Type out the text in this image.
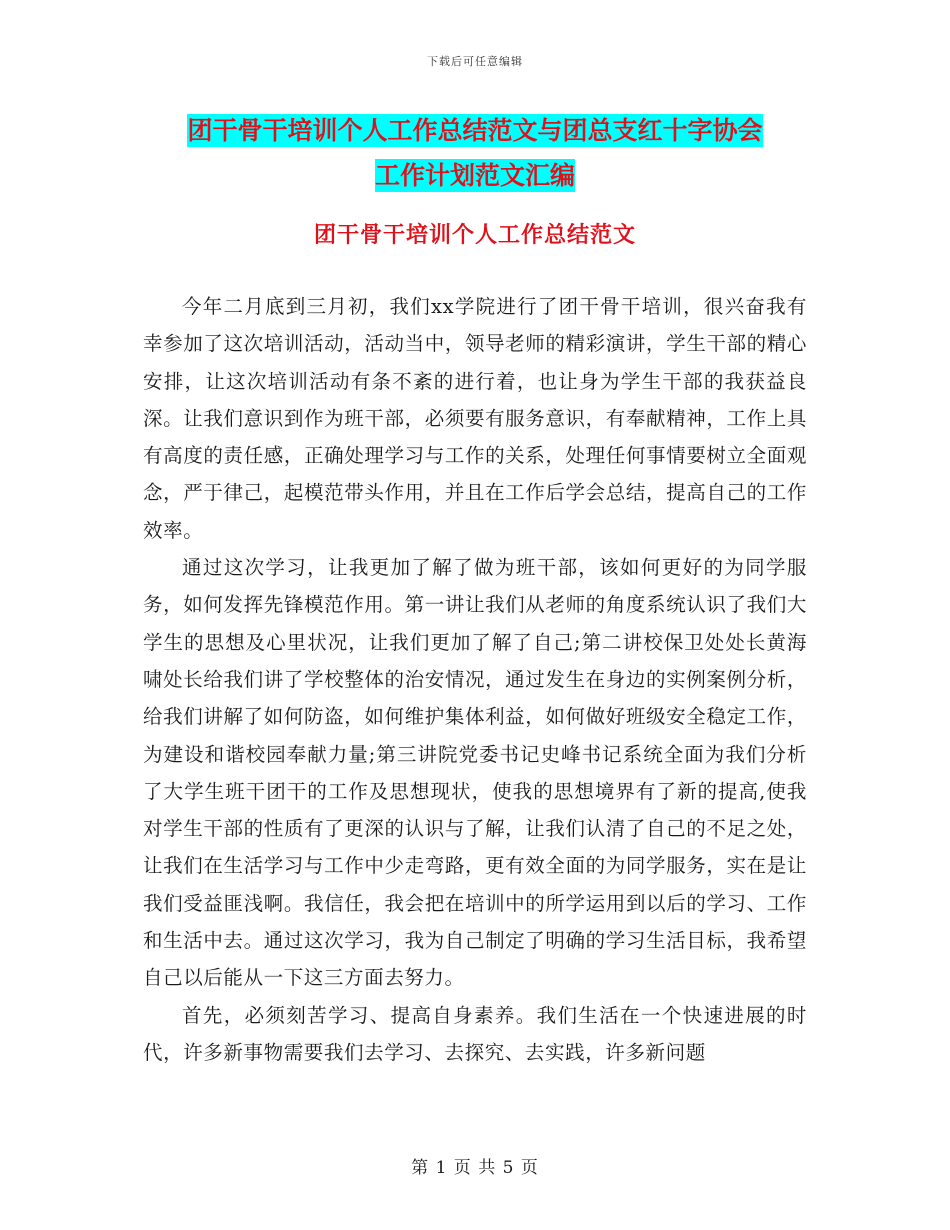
下载后可任意编辑
团干骨干培训个人工作总结范文与团总支红十字协会
工作计划范文汇编
团干骨干培训个人工作总结范文

今年二月底到三月初，我们xx学院进行了团干骨干培训，很兴奋我有幸参加了这次培训活动，活动当中，领导老师的精彩演讲，学生干部的精心安排，让这次培训活动有条不紊的进行着，也让身为学生干部的我获益良深。让我们意识到作为班干部，必须要有服务意识，有奉献精神，工作上具有高度的责任感，正确处理学习与工作的关系，处理任何事情要树立全面观念，严于律己，起模范带头作用，并且在工作后学会总结，提高自己的工作效率。

通过这次学习，让我更加了解了做为班干部，该如何更好的为同学服务，如何发挥先锋模范作用。第一讲让我们从老师的角度系统认识了我们大学生的思想及心里状况，让我们更加了解了自己;第二讲校保卫处处长黄海啸处长给我们讲了学校整体的治安情况，通过发生在身边的实例案例分析，给我们讲解了如何防盗，如何维护集体利益，如何做好班级安全稳定工作，为建设和谐校园奉献力量;第三讲院党委书记史峰书记系统全面为我们分析了大学生班干团干的工作及思想现状，使我的思想境界有了新的提高,使我对学生干部的性质有了更深的认识与了解，让我们认清了自己的不足之处，让我们在生活学习与工作中少走弯路，更有效全面的为同学服务，实在是让我们受益匪浅啊。我信任，我会把在培训中的所学运用到以后的学习、工作和生活中去。通过这次学习，我为自己制定了明确的学习生活目标，我希望自己以后能从一下这三方面去努力。

首先，必须刻苦学习、提高自身素养。我们生活在一个快速进展的时代，许多新事物需要我们去学习、去探究、去实践，许多新问题

第 1 页 共 5 页
